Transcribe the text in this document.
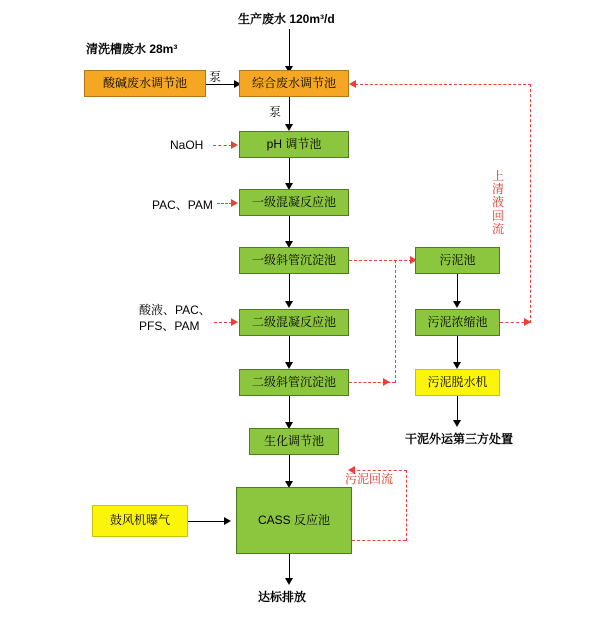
生产废水 120m³/d
清洗槽废水 28m³
酸碱废水调节池	泵	综合废水调节池
泵
pH 调节池
NaOH
一级混凝反应池
PAC、PAM
一级斜管沉淀池
二级混凝反应池
酸液、PAC、
PFS、PAM
二级斜管沉淀池
生化调节池
CASS 反应池
鼓风机曝气
污泥回流
达标排放
污泥池
污泥浓缩池
污泥脱水机
干泥外运第三方处置
上清液回流
